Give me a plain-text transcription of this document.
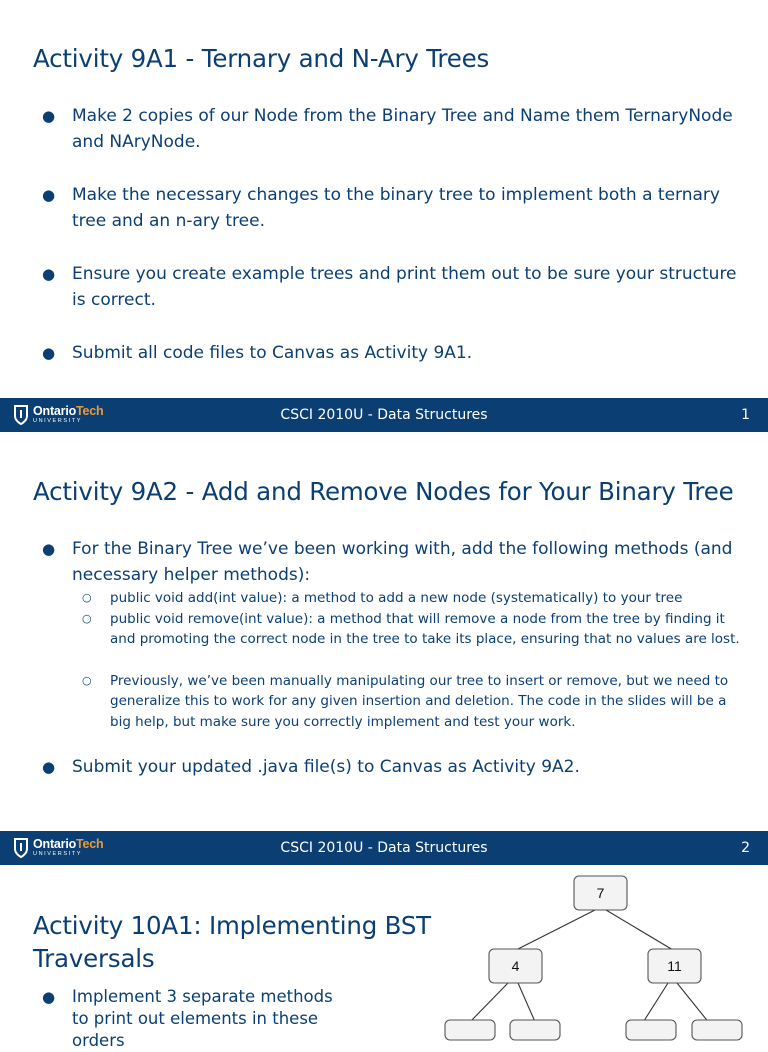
Activity 9A1 - Ternary and N-Ary Trees
● Make 2 copies of our Node from the Binary Tree and Name them TernaryNode and NAryNode.
● Make the necessary changes to the binary tree to implement both a ternary tree and an n-ary tree.
● Ensure you create example trees and print them out to be sure your structure is correct.
● Submit all code files to Canvas as Activity 9A1.
OntarioTech
UNIVERSITY	CSCI 2010U - Data Structures	1
Activity 9A2 - Add and Remove Nodes for Your Binary Tree
● For the Binary Tree we’ve been working with, add the following methods (and necessary helper methods):
○ public void add(int value): a method to add a new node (systematically) to your tree
○ public void remove(int value): a method that will remove a node from the tree by finding it and promoting the correct node in the tree to take its place, ensuring that no values are lost.
○ Previously, we’ve been manually manipulating our tree to insert or remove, but we need to generalize this to work for any given insertion and deletion. The code in the slides will be a big help, but make sure you correctly implement and test your work.
● Submit your updated .java file(s) to Canvas as Activity 9A2.
OntarioTech
UNIVERSITY	CSCI 2010U - Data Structures	2
Activity 10A1: Implementing BST Traversals
● Implement 3 separate methods to print out elements in these orders
7
4	11
